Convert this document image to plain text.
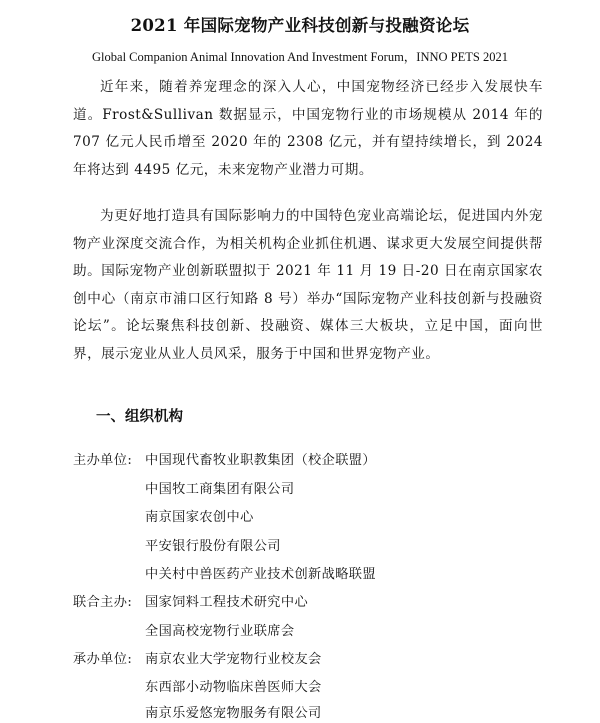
2021 年国际宠物产业科技创新与投融资论坛
Global Companion Animal Innovation And Investment Forum，INNO PETS 2021

近年来，随着养宠理念的深入人心，中国宠物经济已经步入发展快车道。Frost&Sullivan 数据显示，中国宠物行业的市场规模从 2014 年的 707 亿元人民币增至 2020 年的 2308 亿元，并有望持续增长，到 2024 年将达到 4495 亿元，未来宠物产业潜力可期。

为更好地打造具有国际影响力的中国特色宠业高端论坛，促进国内外宠物产业深度交流合作，为相关机构企业抓住机遇、谋求更大发展空间提供帮助。国际宠物产业创新联盟拟于 2021 年 11 月 19 日-20 日在南京国家农创中心（南京市浦口区行知路 8 号）举办“国际宠物产业科技创新与投融资论坛”。论坛聚焦科技创新、投融资、媒体三大板块，立足中国，面向世界，展示宠业从业人员风采，服务于中国和世界宠物产业。

一、组织机构
主办单位: 中国现代畜牧业职教集团（校企联盟）
中国牧工商集团有限公司
南京国家农创中心
平安银行股份有限公司
中关村中兽医药产业技术创新战略联盟
联合主办: 国家饲料工程技术研究中心
全国高校宠物行业联席会
承办单位: 南京农业大学宠物行业校友会
东西部小动物临床兽医师大会
南京乐爱悠宠物服务有限公司
